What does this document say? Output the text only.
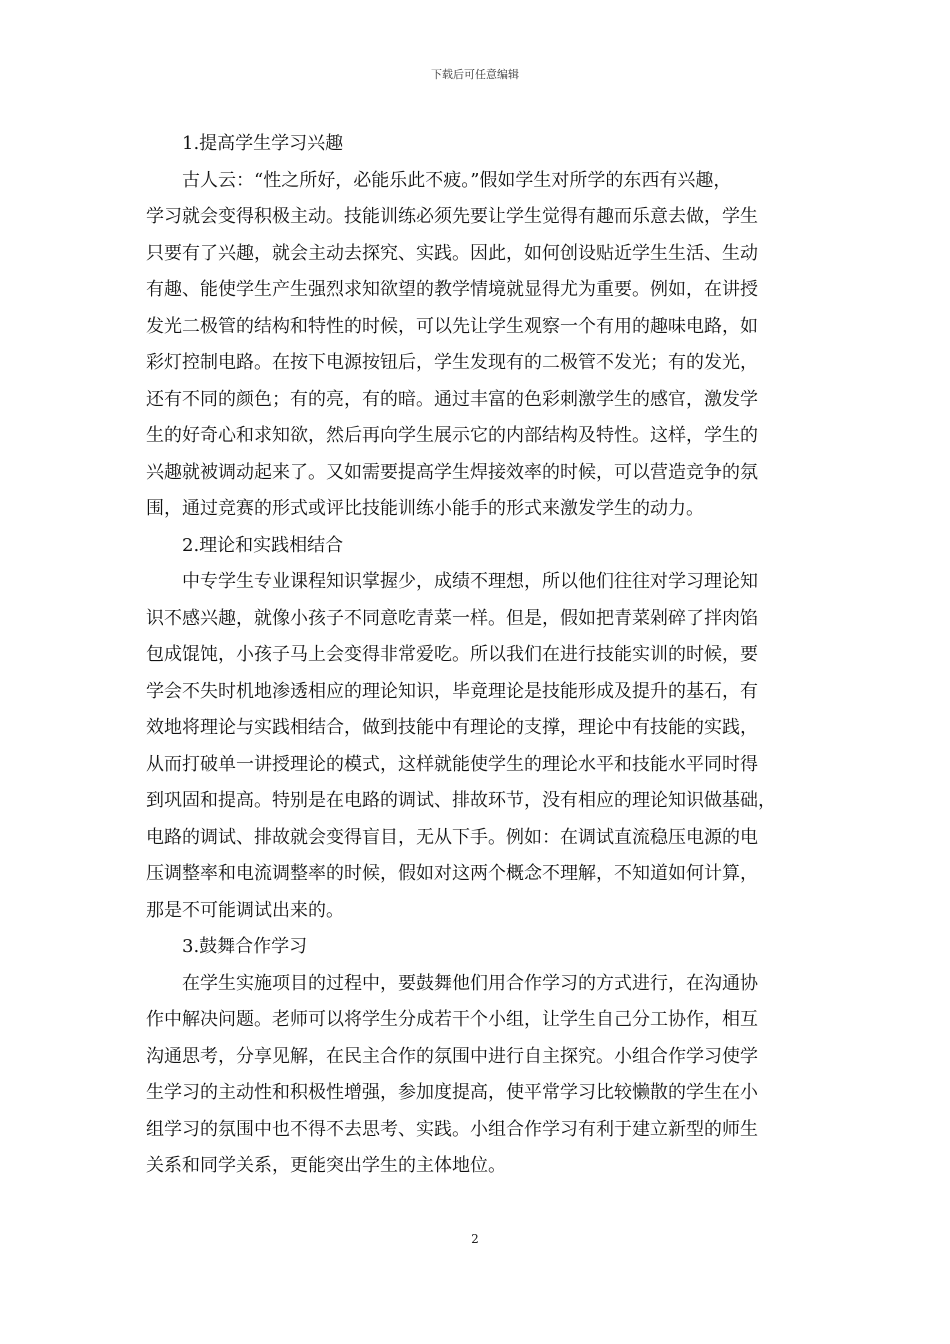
下载后可任意编辑
1.提高学生学习兴趣
古人云：“性之所好，必能乐此不疲。”假如学生对所学的东西有兴趣，
学习就会变得积极主动。技能训练必须先要让学生觉得有趣而乐意去做，学生
只要有了兴趣，就会主动去探究、实践。因此，如何创设贴近学生生活、生动
有趣、能使学生产生强烈求知欲望的教学情境就显得尤为重要。例如，在讲授
发光二极管的结构和特性的时候，可以先让学生观察一个有用的趣味电路，如
彩灯控制电路。在按下电源按钮后，学生发现有的二极管不发光；有的发光，
还有不同的颜色；有的亮，有的暗。通过丰富的色彩刺激学生的感官，激发学
生的好奇心和求知欲，然后再向学生展示它的内部结构及特性。这样，学生的
兴趣就被调动起来了。又如需要提高学生焊接效率的时候，可以营造竞争的氛
围，通过竞赛的形式或评比技能训练小能手的形式来激发学生的动力。
2.理论和实践相结合
中专学生专业课程知识掌握少，成绩不理想，所以他们往往对学习理论知
识不感兴趣，就像小孩子不同意吃青菜一样。但是，假如把青菜剁碎了拌肉馅
包成馄饨，小孩子马上会变得非常爱吃。所以我们在进行技能实训的时候，要
学会不失时机地渗透相应的理论知识，毕竟理论是技能形成及提升的基石，有
效地将理论与实践相结合，做到技能中有理论的支撑，理论中有技能的实践，
从而打破单一讲授理论的模式，这样就能使学生的理论水平和技能水平同时得
到巩固和提高。特别是在电路的调试、排故环节，没有相应的理论知识做基础，
电路的调试、排故就会变得盲目，无从下手。例如：在调试直流稳压电源的电
压调整率和电流调整率的时候，假如对这两个概念不理解，不知道如何计算，
那是不可能调试出来的。
3.鼓舞合作学习
在学生实施项目的过程中，要鼓舞他们用合作学习的方式进行，在沟通协
作中解决问题。老师可以将学生分成若干个小组，让学生自己分工协作，相互
沟通思考，分享见解，在民主合作的氛围中进行自主探究。小组合作学习使学
生学习的主动性和积极性增强，参加度提高，使平常学习比较懒散的学生在小
组学习的氛围中也不得不去思考、实践。小组合作学习有利于建立新型的师生
关系和同学关系，更能突出学生的主体地位。
2
